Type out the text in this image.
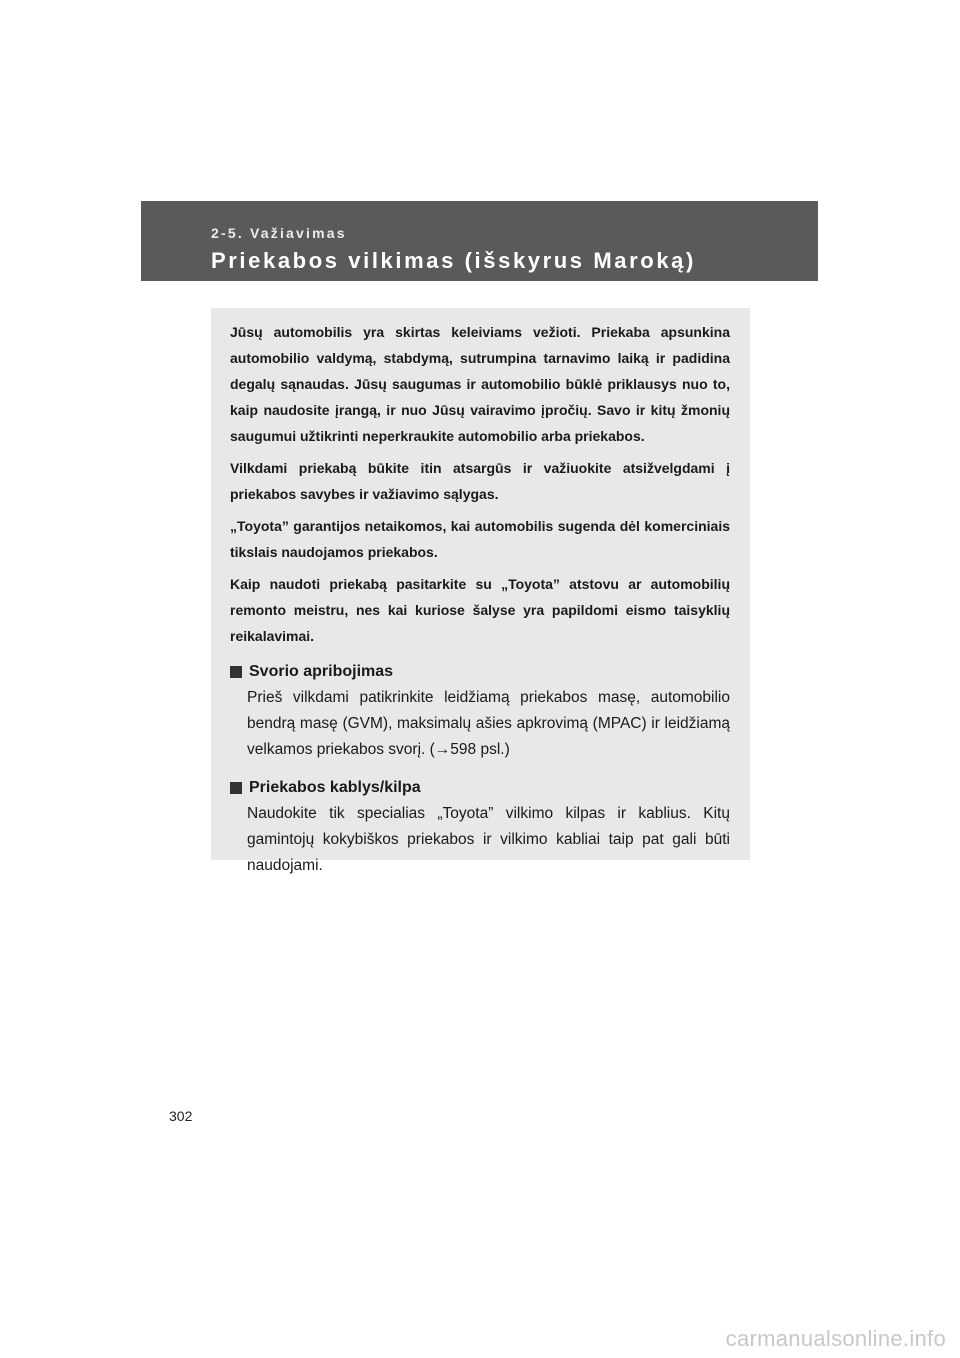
2-5. Važiavimas
Priekabos vilkimas (išskyrus Maroką)

Jūsų automobilis yra skirtas keleiviams vežioti. Priekaba apsunkina automobilio valdymą, stabdymą, sutrumpina tarnavimo laiką ir padidina degalų sąnaudas. Jūsų saugumas ir automobilio būklė priklausys nuo to, kaip naudosite įrangą, ir nuo Jūsų vairavimo įpročių. Savo ir kitų žmonių saugumui užtikrinti neperkraukite automobilio arba priekabos.

Vilkdami priekabą būkite itin atsargūs ir važiuokite atsižvelgdami į priekabos savybes ir važiavimo sąlygas.

„Toyota” garantijos netaikomos, kai automobilis sugenda dėl komerciniais tikslais naudojamos priekabos.

Kaip naudoti priekabą pasitarkite su „Toyota” atstovu ar automobilių remonto meistru, nes kai kuriose šalyse yra papildomi eismo taisyklių reikalavimai.

Svorio apribojimas

Prieš vilkdami patikrinkite leidžiamą priekabos masę, automobilio bendrą masę (GVM), maksimalų ašies apkrovimą (MPAC) ir leidžiamą velkamos priekabos svorį. (→598 psl.)

Priekabos kablys/kilpa

Naudokite tik specialias „Toyota” vilkimo kilpas ir kablius. Kitų gamintojų kokybiškos priekabos ir vilkimo kabliai taip pat gali būti naudojami.

302
carmanualsonline.info
